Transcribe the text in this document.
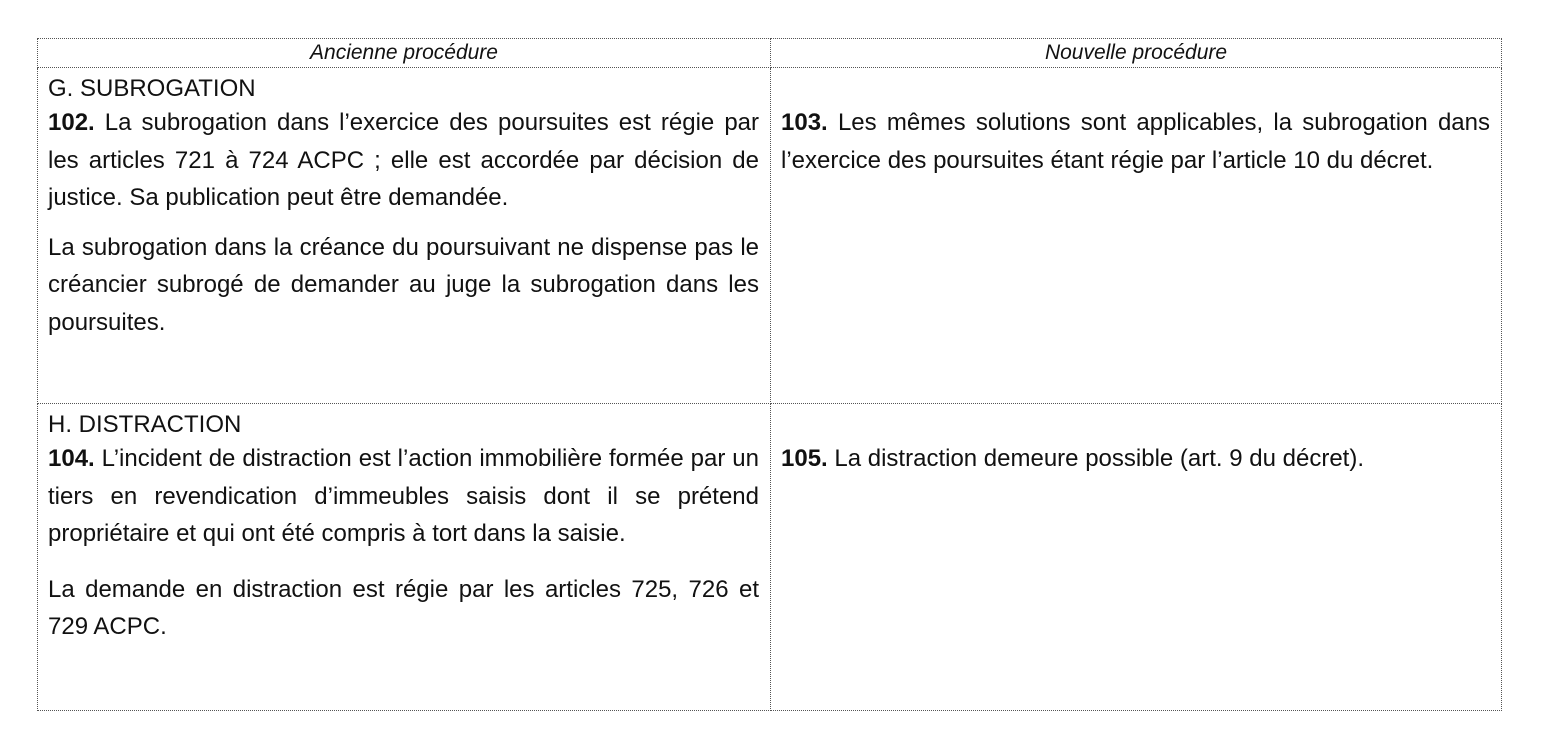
Ancienne procédure	Nouvelle procédure

G. SUBROGATION

102. La subrogation dans l’exercice des poursuites est régie par les articles 721 à 724 ACPC ; elle est accordée par décision de justice. Sa publication peut être demandée.

La subrogation dans la créance du poursuivant ne dispense pas le créancier subrogé de demander au juge la subrogation dans les poursuites.	103. Les mêmes solutions sont applicables, la subrogation dans l’exercice des poursuites étant régie par l’article 10 du décret.

H. DISTRACTION

104. L’incident de distraction est l’action immobilière formée par un tiers en revendication d’immeubles saisis dont il se prétend propriétaire et qui ont été compris à tort dans la saisie.

La demande en distraction est régie par les articles 725, 726 et 729 ACPC.	105. La distraction demeure possible (art. 9 du décret).
